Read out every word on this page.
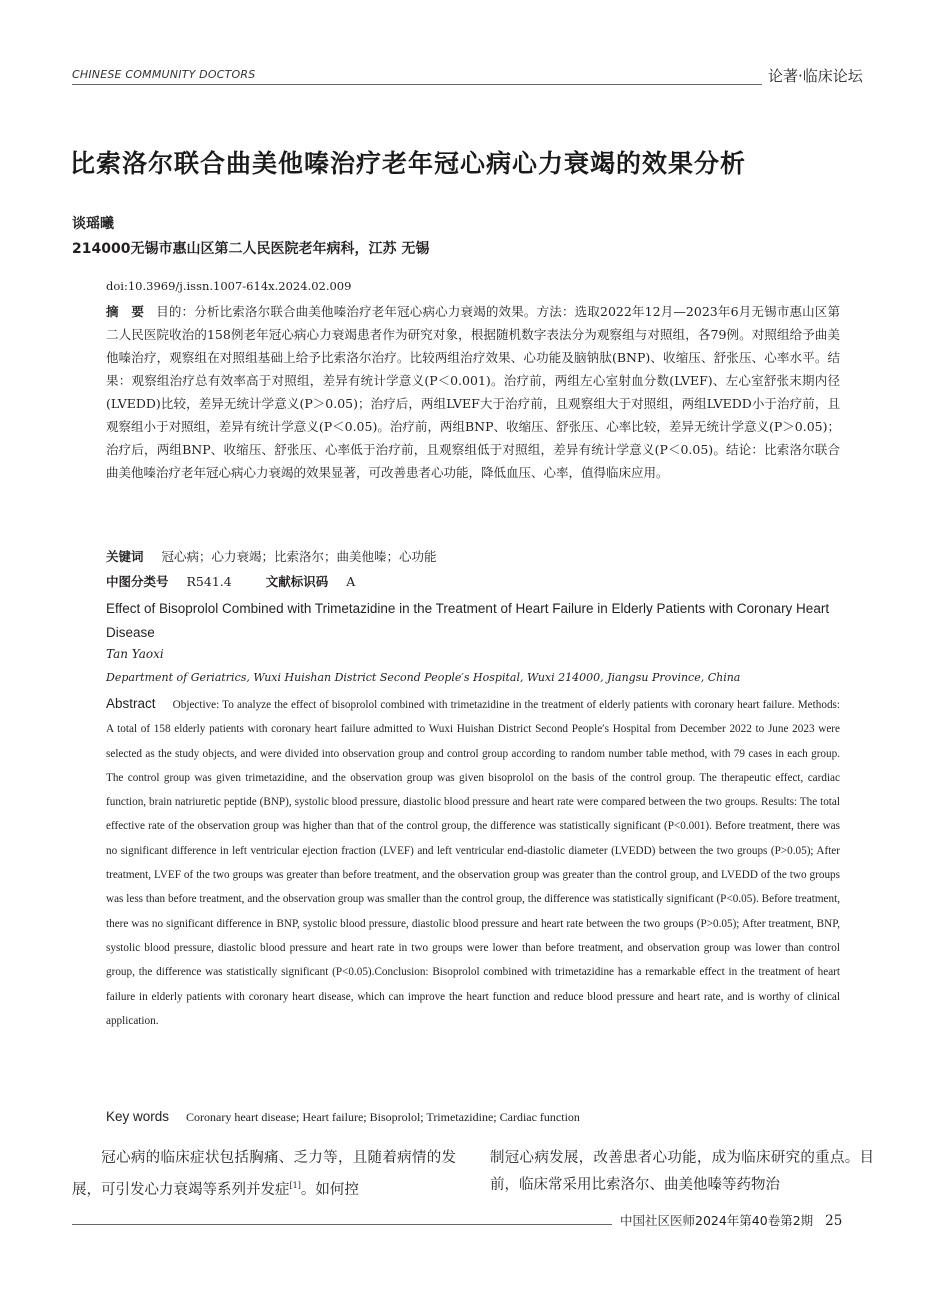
CHINESE COMMUNITY DOCTORS	论著·临床论坛
比索洛尔联合曲美他嗪治疗老年冠心病心力衰竭的效果分析
谈瑶曦
214000无锡市惠山区第二人民医院老年病科，江苏 无锡
doi:10.3969/j.issn.1007-614x.2024.02.009
摘　要 目的：分析比索洛尔联合曲美他嗪治疗老年冠心病心力衰竭的效果。方法：选取2022年12月—2023年6月无锡市惠山区第二人民医院收治的158例老年冠心病心力衰竭患者作为研究对象，根据随机数字表法分为观察组与对照组，各79例。对照组给予曲美他嗪治疗，观察组在对照组基础上给予比索洛尔治疗。比较两组治疗效果、心功能及脑钠肽(BNP)、收缩压、舒张压、心率水平。结果：观察组治疗总有效率高于对照组，差异有统计学意义(P＜0.001)。治疗前，两组左心室射血分数(LVEF)、左心室舒张末期内径(LVEDD)比较，差异无统计学意义(P＞0.05)；治疗后，两组LVEF大于治疗前，且观察组大于对照组，两组LVEDD小于治疗前，且观察组小于对照组，差异有统计学意义(P＜0.05)。治疗前，两组BNP、收缩压、舒张压、心率比较，差异无统计学意义(P＞0.05)；治疗后，两组BNP、收缩压、舒张压、心率低于治疗前，且观察组低于对照组，差异有统计学意义(P＜0.05)。结论：比索洛尔联合曲美他嗪治疗老年冠心病心力衰竭的效果显著，可改善患者心功能，降低血压、心率，值得临床应用。
关键词 冠心病；心力衰竭；比索洛尔；曲美他嗪；心功能
中图分类号 R541.4	文献标识码 A
Effect of Bisoprolol Combined with Trimetazidine in the Treatment of Heart Failure in Elderly Patients with Coronary Heart Disease
Tan Yaoxi
Department of Geriatrics, Wuxi Huishan District Second People′s Hospital, Wuxi 214000, Jiangsu Province, China
Abstract Objective: To analyze the effect of bisoprolol combined with trimetazidine in the treatment of elderly patients with coronary heart failure. Methods: A total of 158 elderly patients with coronary heart failure admitted to Wuxi Huishan District Second People′s Hospital from December 2022 to June 2023 were selected as the study objects, and were divided into observation group and control group according to random number table method, with 79 cases in each group. The control group was given trimetazidine, and the observation group was given bisoprolol on the basis of the control group. The therapeutic effect, cardiac function, brain natriuretic peptide (BNP), systolic blood pressure, diastolic blood pressure and heart rate were compared between the two groups. Results: The total effective rate of the observation group was higher than that of the control group, the difference was statistically significant (P<0.001). Before treatment, there was no significant difference in left ventricular ejection fraction (LVEF) and left ventricular end-diastolic diameter (LVEDD) between the two groups (P>0.05); After treatment, LVEF of the two groups was greater than before treatment, and the observation group was greater than the control group, and LVEDD of the two groups was less than before treatment, and the observation group was smaller than the control group, the difference was statistically significant (P<0.05). Before treatment, there was no significant difference in BNP, systolic blood pressure, diastolic blood pressure and heart rate between the two groups (P>0.05); After treatment, BNP, systolic blood pressure, diastolic blood pressure and heart rate in two groups were lower than before treatment, and observation group was lower than control group, the difference was statistically significant (P<0.05).Conclusion: Bisoprolol combined with trimetazidine has a remarkable effect in the treatment of heart failure in elderly patients with coronary heart disease, which can improve the heart function and reduce blood pressure and heart rate, and is worthy of clinical application.
Key words Coronary heart disease; Heart failure; Bisoprolol; Trimetazidine; Cardiac function
冠心病的临床症状包括胸痛、乏力等，且随着病情的发展，可引发心力衰竭等系列并发症[1]。如何控
制冠心病发展，改善患者心功能，成为临床研究的重点。目前，临床常采用比索洛尔、曲美他嗪等药物治
中国社区医师2024年第40卷第2期 25
